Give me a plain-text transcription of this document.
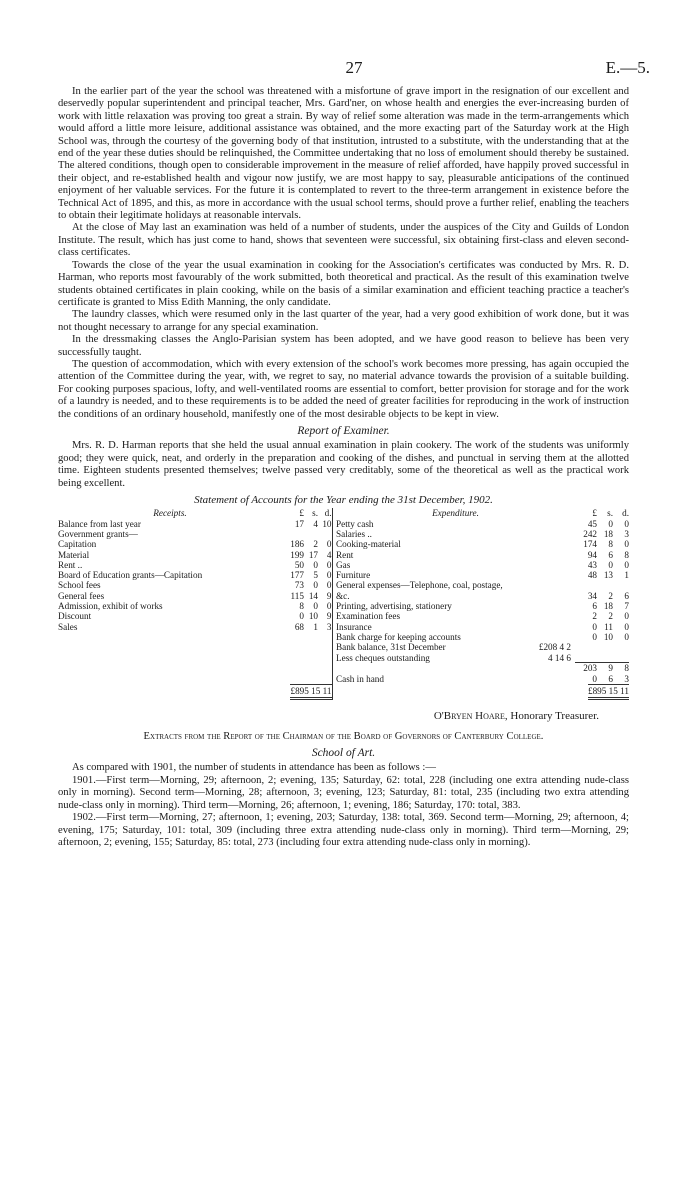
27	E.—5.

In the earlier part of the year the school was threatened with a misfortune of grave import in the resignation of our excellent and deservedly popular superintendent and principal teacher, Mrs. Gard'ner, on whose health and energies the ever-increasing burden of work with little relaxation was proving too great a strain. By way of relief some alteration was made in the term-arrangements which would afford a little more leisure, additional assistance was obtained, and the more exacting part of the Saturday work at the High School was, through the courtesy of the governing body of that institution, intrusted to a substitute, with the understanding that at the end of the year these duties should be relinquished, the Committee undertaking that no loss of emolument should thereby be sustained. The altered conditions, though open to considerable improvement in the measure of relief afforded, have happily proved successful in their object, and re-established health and vigour now justify, we are most happy to say, pleasurable anticipations of the continued enjoyment of her valuable services. For the future it is contemplated to revert to the three-term arrangement in existence before the Technical Act of 1895, and this, as more in accordance with the usual school terms, should prove a further relief, enabling the teachers to obtain their legitimate holidays at reasonable intervals.

At the close of May last an examination was held of a number of students, under the auspices of the City and Guilds of London Institute. The result, which has just come to hand, shows that seventeen were successful, six obtaining first-class and eleven second-class certificates.

Towards the close of the year the usual examination in cooking for the Association's certificates was conducted by Mrs. R. D. Harman, who reports most favourably of the work submitted, both theoretical and practical. As the result of this examination twelve students obtained certificates in plain cooking, while on the basis of a similar examination and efficient teaching practice a teacher's certificate is granted to Miss Edith Manning, the only candidate.

The laundry classes, which were resumed only in the last quarter of the year, had a very good exhibition of work done, but it was not thought necessary to arrange for any special examination.

In the dressmaking classes the Anglo-Parisian system has been adopted, and we have good reason to believe has been very successfully taught.

The question of accommodation, which with every extension of the school's work becomes more pressing, has again occupied the attention of the Committee during the year, with, we regret to say, no material advance towards the provision of a suitable building. For cooking purposes spacious, lofty, and well-ventilated rooms are essential to comfort, better provision for storage and for the work of a laundry is needed, and to these requirements is to be added the need of greater facilities for reproducing in the work of instruction the conditions of an ordinary household, manifestly one of the most desirable objects to be kept in view.

Report of Examiner.

Mrs. R. D. Harman reports that she held the usual annual examination in plain cookery. The work of the students was uniformly good; they were quick, neat, and orderly in the preparation and cooking of the dishes, and punctual in serving them at the allotted time. Eighteen students presented themselves; twelve passed very creditably, some of the theoretical as well as the practical work being excellent.

Statement of Accounts for the Year ending the 31st December, 1902.
Receipts.	£	s.	d.		Expenditure.	£	s.	d.
Balance from last year	17	4	10		Petty cash	45	0	0
Government grants—					Salaries ..	242	18	3
Capitation	186	2	0		Cooking-material	174	8	0
Material	199	17	4		Rent	94	6	8
Rent ..	50	0	0		Gas	43	0	0
Board of Education grants—Capitation	177	5	0		Furniture	48	13	1
School fees	73	0	0		General expenses—Telephone, coal, postage,			
General fees	115	14	9		&c.	34	2	6
Admission, exhibit of works	8	0	0		Printing, advertising, stationery	6	18	7
Discount	0	10	9		Examination fees	2	2	0
Sales	68	1	3		Insurance	0	11	0
					Bank charge for keeping accounts	0	10	0
					Bank balance, 31st December £208 4 2			

					Less cheques outstanding 4 14 6			

						203	9	8
					Cash in hand	0	6	3
	£895 15 11					£895 15 11		
O'Bryen Hoare, Honorary Treasurer.
Extracts from the Report of the Chairman of the Board of Governors of Canterbury College.
School of Art.

As compared with 1901, the number of students in attendance has been as follows :—

1901.—First term—Morning, 29; afternoon, 2; evening, 135; Saturday, 62: total, 228 (including one extra attending nude-class only in morning). Second term—Morning, 28; afternoon, 3; evening, 123; Saturday, 81: total, 235 (including two extra attending nude-class only in morning). Third term—Morning, 26; afternoon, 1; evening, 186; Saturday, 170: total, 383.

1902.—First term—Morning, 27; afternoon, 1; evening, 203; Saturday, 138: total, 369. Second term—Morning, 29; afternoon, 4; evening, 175; Saturday, 101: total, 309 (including three extra attending nude-class only in morning). Third term—Morning, 29; afternoon, 2; evening, 155; Saturday, 85: total, 273 (including four extra attending nude-class only in morning).
